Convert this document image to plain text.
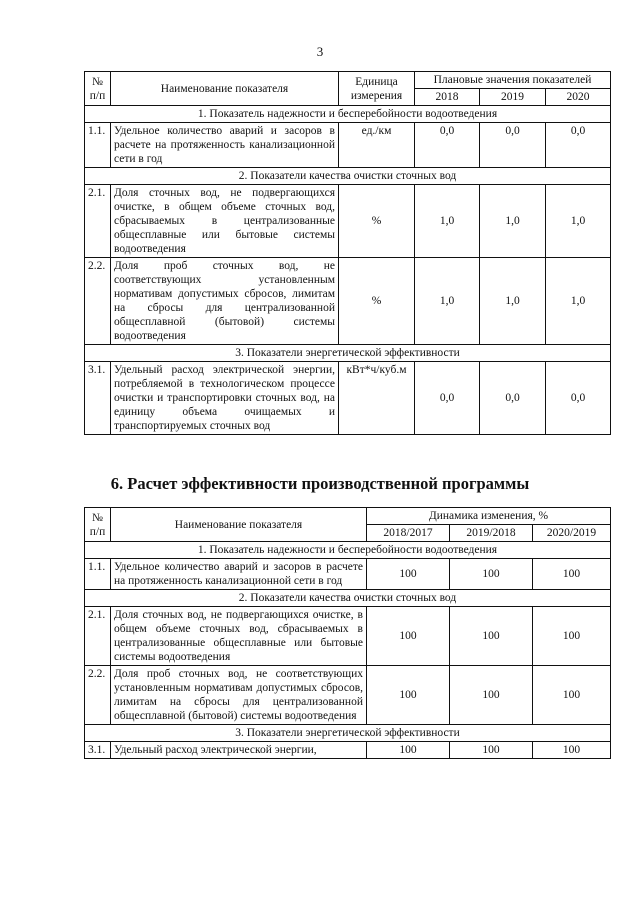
3
№
п/п	Наименование показателя	Единица измерения	Плановые значения показателей		
			2018	2019	2020
1. Показатель надежности и бесперебойности водоотведения					
1.1.	Удельное количество аварий и засоров в расчете на протяженность канализационной сети в год	ед./км	0,0	0,0	0,0
2. Показатели качества очистки сточных вод					
2.1.	Доля сточных вод, не подвергающихся очистке, в общем объеме сточных вод, сбрасываемых в централизованные общесплавные или бытовые системы водоотведения	%	1,0	1,0	1,0
2.2.	Доля проб сточных вод, не соответствующих установленным нормативам допустимых сбросов, лимитам на сбросы для централизованной общесплавной (бытовой) системы водоотведения	%	1,0	1,0	1,0
3. Показатели энергетической эффективности					
3.1.	Удельный расход электрической энергии, потребляемой в технологическом процессе очистки и транспортировки сточных вод, на единицу объема очищаемых и транспортируемых сточных вод	кВт*ч/куб.м	0,0	0,0	0,0
6. Расчет эффективности производственной программы
№
п/п	Наименование показателя	Динамика изменения, %		
		2018/2017	2019/2018	2020/2019
1. Показатель надежности и бесперебойности водоотведения				
1.1.	Удельное количество аварий и засоров в расчете на протяженность канализационной сети в год	100	100	100
2. Показатели качества очистки сточных вод				
2.1.	Доля сточных вод, не подвергающихся очистке, в общем объеме сточных вод, сбрасываемых в централизованные общесплавные или бытовые системы водоотведения	100	100	100
2.2.	Доля проб сточных вод, не соответствующих установленным нормативам допустимых сбросов, лимитам на сбросы для централизованной общесплавной (бытовой) системы водоотведения	100	100	100
3. Показатели энергетической эффективности				
3.1.	Удельный расход электрической энергии,	100	100	100
